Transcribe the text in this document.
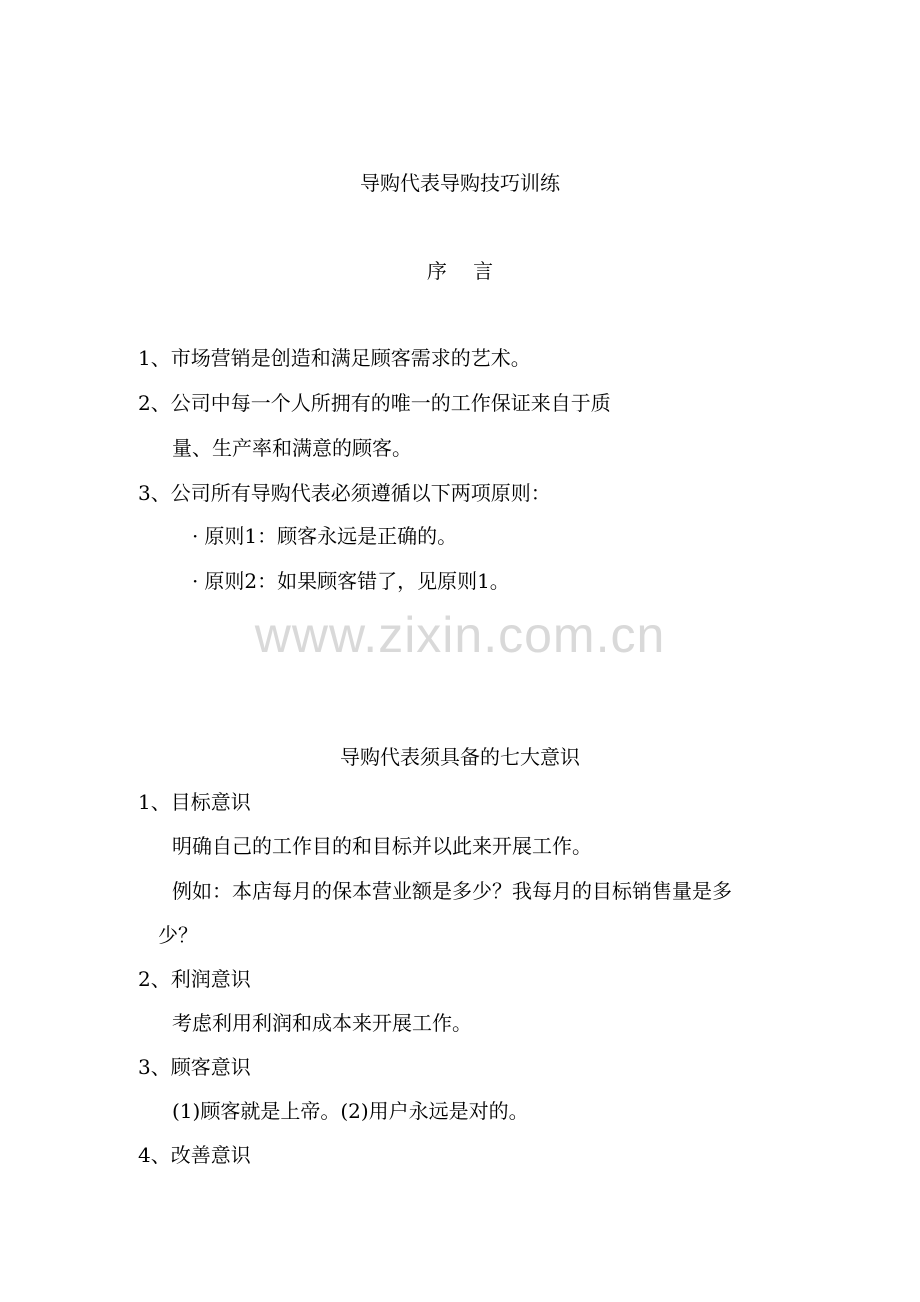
导购代表导购技巧训练
序　 言
1、市场营销是创造和满足顾客需求的艺术。
2、公司中每一个人所拥有的唯一的工作保证来自于质
量、生产率和满意的顾客。
3、公司所有导购代表必须遵循以下两项原则：
· 原则1：顾客永远是正确的。
· 原则2：如果顾客错了，见原则1。
www.zixin.com.cn
导购代表须具备的七大意识
1、目标意识
明确自己的工作目的和目标并以此来开展工作。
例如：本店每月的保本营业额是多少？我每月的目标销售量是多
少？
2、利润意识
考虑利用利润和成本来开展工作。
3、顾客意识
(1)顾客就是上帝。(2)用户永远是对的。
4、改善意识
